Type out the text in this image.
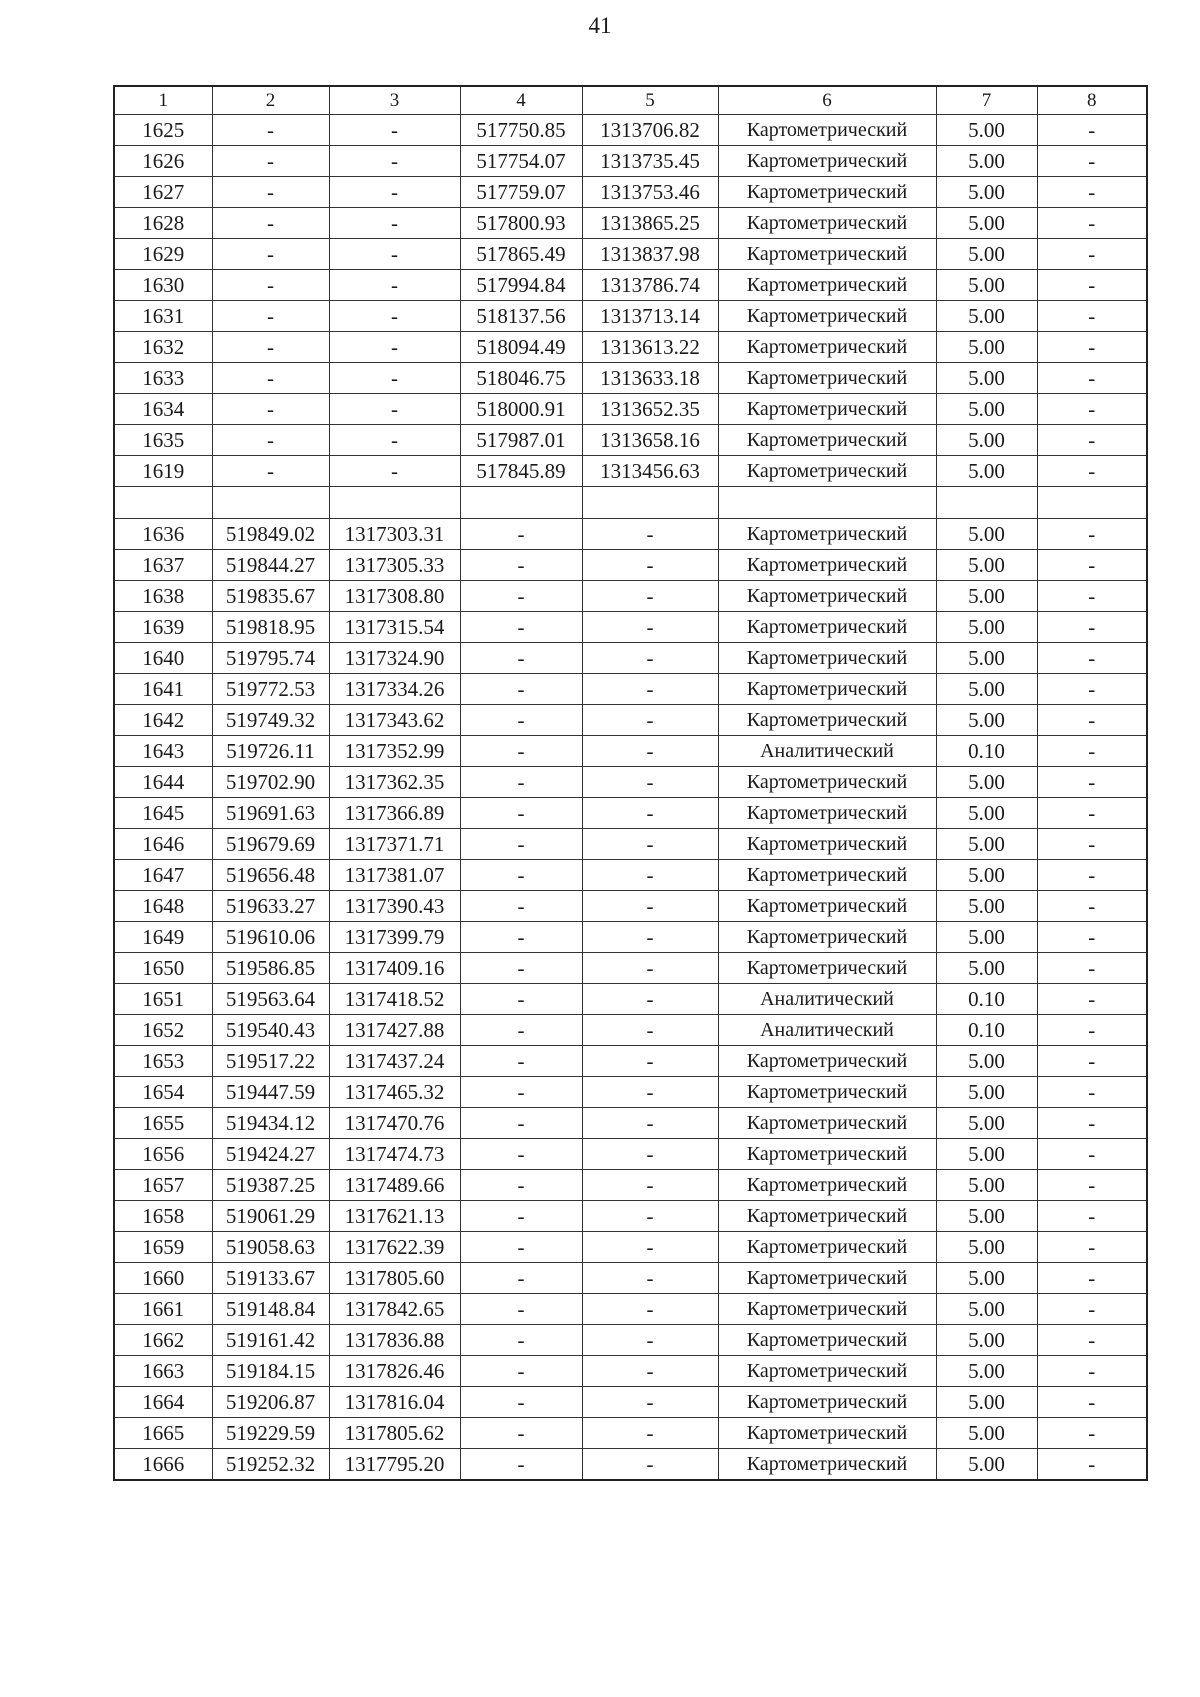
41
1	2	3	4	5	6	7	8
1625	-	-	517750.85	1313706.82	Картометрический	5.00	-
1626	-	-	517754.07	1313735.45	Картометрический	5.00	-
1627	-	-	517759.07	1313753.46	Картометрический	5.00	-
1628	-	-	517800.93	1313865.25	Картометрический	5.00	-
1629	-	-	517865.49	1313837.98	Картометрический	5.00	-
1630	-	-	517994.84	1313786.74	Картометрический	5.00	-
1631	-	-	518137.56	1313713.14	Картометрический	5.00	-
1632	-	-	518094.49	1313613.22	Картометрический	5.00	-
1633	-	-	518046.75	1313633.18	Картометрический	5.00	-
1634	-	-	518000.91	1313652.35	Картометрический	5.00	-
1635	-	-	517987.01	1313658.16	Картометрический	5.00	-
1619	-	-	517845.89	1313456.63	Картометрический	5.00	-

1636	519849.02	1317303.31	-	-	Картометрический	5.00	-
1637	519844.27	1317305.33	-	-	Картометрический	5.00	-
1638	519835.67	1317308.80	-	-	Картометрический	5.00	-
1639	519818.95	1317315.54	-	-	Картометрический	5.00	-
1640	519795.74	1317324.90	-	-	Картометрический	5.00	-
1641	519772.53	1317334.26	-	-	Картометрический	5.00	-
1642	519749.32	1317343.62	-	-	Картометрический	5.00	-
1643	519726.11	1317352.99	-	-	Аналитический	0.10	-
1644	519702.90	1317362.35	-	-	Картометрический	5.00	-
1645	519691.63	1317366.89	-	-	Картометрический	5.00	-
1646	519679.69	1317371.71	-	-	Картометрический	5.00	-
1647	519656.48	1317381.07	-	-	Картометрический	5.00	-
1648	519633.27	1317390.43	-	-	Картометрический	5.00	-
1649	519610.06	1317399.79	-	-	Картометрический	5.00	-
1650	519586.85	1317409.16	-	-	Картометрический	5.00	-
1651	519563.64	1317418.52	-	-	Аналитический	0.10	-
1652	519540.43	1317427.88	-	-	Аналитический	0.10	-
1653	519517.22	1317437.24	-	-	Картометрический	5.00	-
1654	519447.59	1317465.32	-	-	Картометрический	5.00	-
1655	519434.12	1317470.76	-	-	Картометрический	5.00	-
1656	519424.27	1317474.73	-	-	Картометрический	5.00	-
1657	519387.25	1317489.66	-	-	Картометрический	5.00	-
1658	519061.29	1317621.13	-	-	Картометрический	5.00	-
1659	519058.63	1317622.39	-	-	Картометрический	5.00	-
1660	519133.67	1317805.60	-	-	Картометрический	5.00	-
1661	519148.84	1317842.65	-	-	Картометрический	5.00	-
1662	519161.42	1317836.88	-	-	Картометрический	5.00	-
1663	519184.15	1317826.46	-	-	Картометрический	5.00	-
1664	519206.87	1317816.04	-	-	Картометрический	5.00	-
1665	519229.59	1317805.62	-	-	Картометрический	5.00	-
1666	519252.32	1317795.20	-	-	Картометрический	5.00	-
